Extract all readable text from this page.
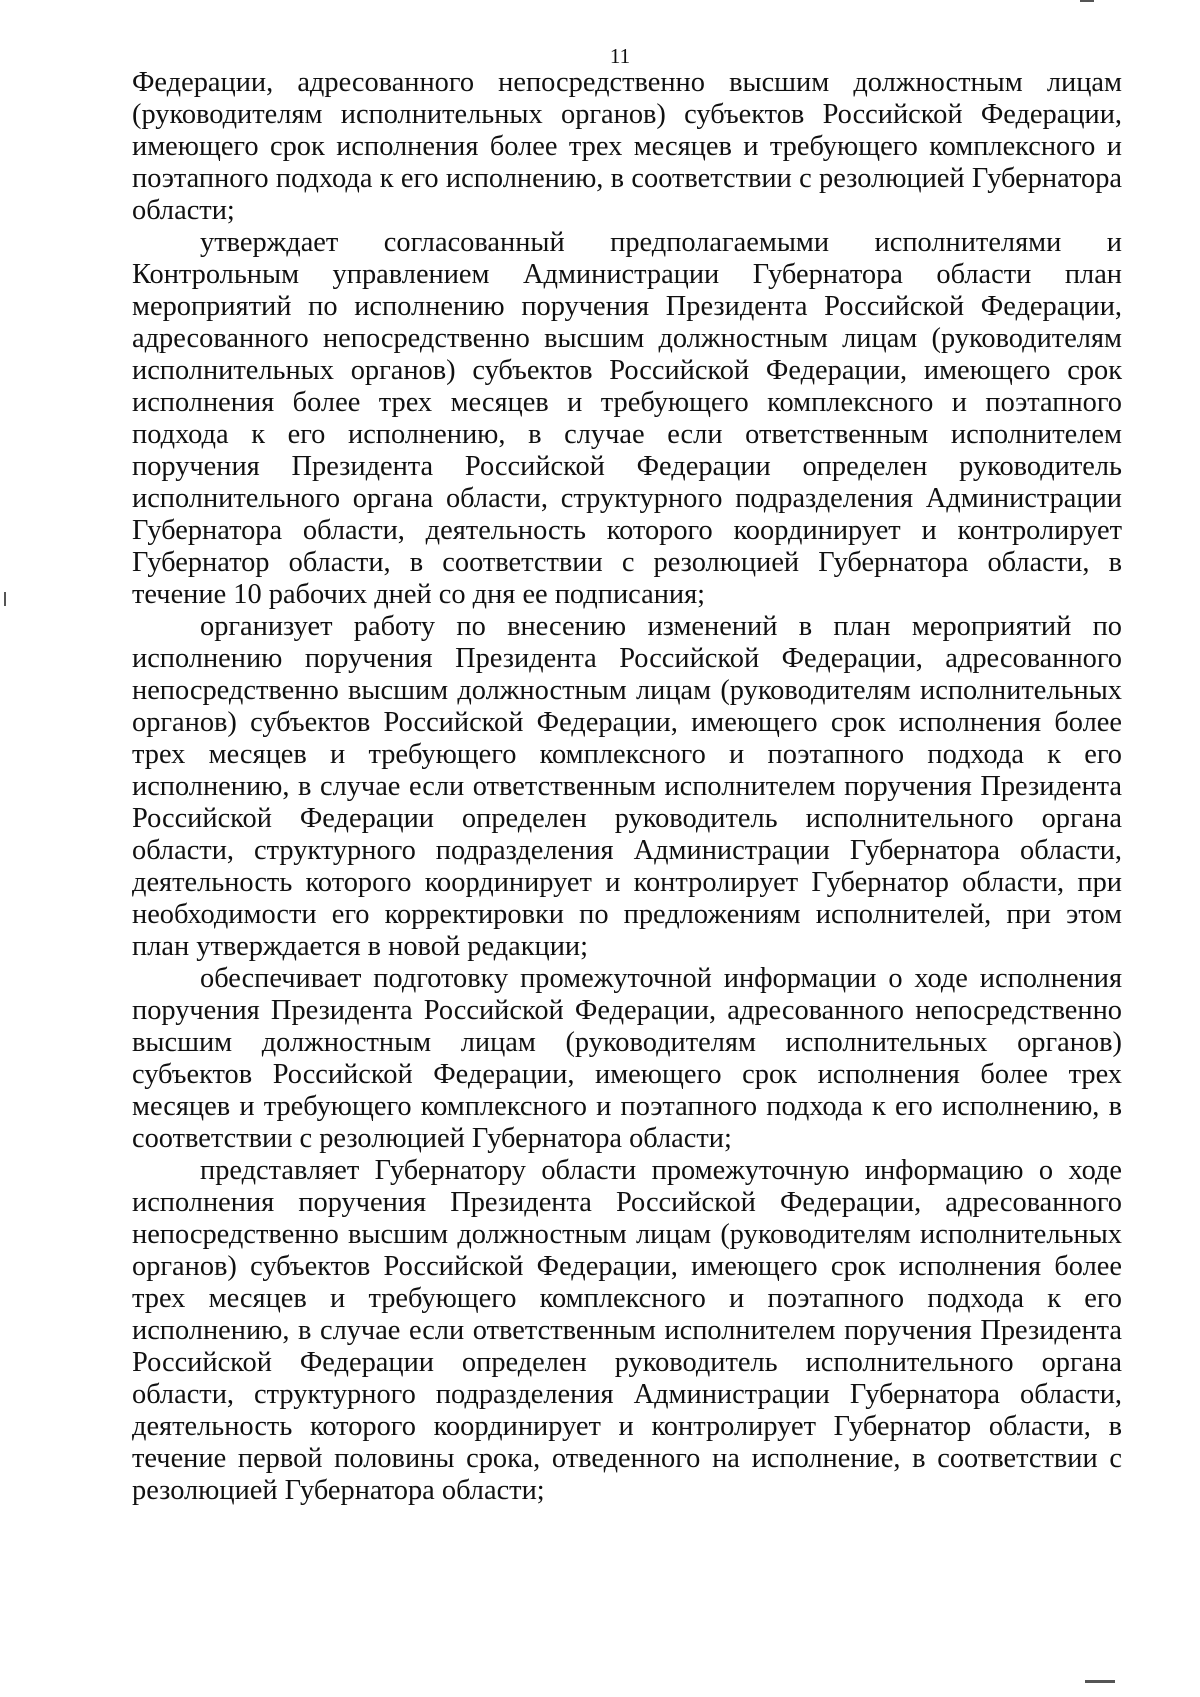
11

Федерации, адресованного непосредственно высшим должностным лицам (руководителям исполнительных органов) субъектов Российской Федерации, имеющего срок исполнения более трех месяцев и требующего комплексного и поэтапного подхода к его исполнению, в соответствии с резолюцией Губернатора области;

утверждает согласованный предполагаемыми исполнителями и Контрольным управлением Администрации Губернатора области план мероприятий по исполнению поручения Президента Российской Федерации, адресованного непосредственно высшим должностным лицам (руководителям исполнительных органов) субъектов Российской Федерации, имеющего срок исполнения более трех месяцев и требующего комплексного и поэтапного подхода к его исполнению, в случае если ответственным исполнителем поручения Президента Российской Федерации определен руководитель исполнительного органа области, структурного подразделения Администрации Губернатора области, деятельность которого координирует и контролирует Губернатор области, в соответствии с резолюцией Губернатора области, в течение 10 рабочих дней со дня ее подписания;

организует работу по внесению изменений в план мероприятий по исполнению поручения Президента Российской Федерации, адресованного непосредственно высшим должностным лицам (руководителям исполнительных органов) субъектов Российской Федерации, имеющего срок исполнения более трех месяцев и требующего комплексного и поэтапного подхода к его исполнению, в случае если ответственным исполнителем поручения Президента Российской Федерации определен руководитель исполнительного органа области, структурного подразделения Администрации Губернатора области, деятельность которого координирует и контролирует Губернатор области, при необходимости его корректировки по предложениям исполнителей, при этом план утверждается в новой редакции;

обеспечивает подготовку промежуточной информации о ходе исполнения поручения Президента Российской Федерации, адресованного непосредственно высшим должностным лицам (руководителям исполнительных органов) субъектов Российской Федерации, имеющего срок исполнения более трех месяцев и требующего комплексного и поэтапного подхода к его исполнению, в соответствии с резолюцией Губернатора области;

представляет Губернатору области промежуточную информацию о ходе исполнения поручения Президента Российской Федерации, адресованного непосредственно высшим должностным лицам (руководителям исполнительных органов) субъектов Российской Федерации, имеющего срок исполнения более трех месяцев и требующего комплексного и поэтапного подхода к его исполнению, в случае если ответственным исполнителем поручения Президента Российской Федерации определен руководитель исполнительного органа области, структурного подразделения Администрации Губернатора области, деятельность которого координирует и контролирует Губернатор области, в течение первой половины срока, отведенного на исполнение, в соответствии с резолюцией Губернатора области;
